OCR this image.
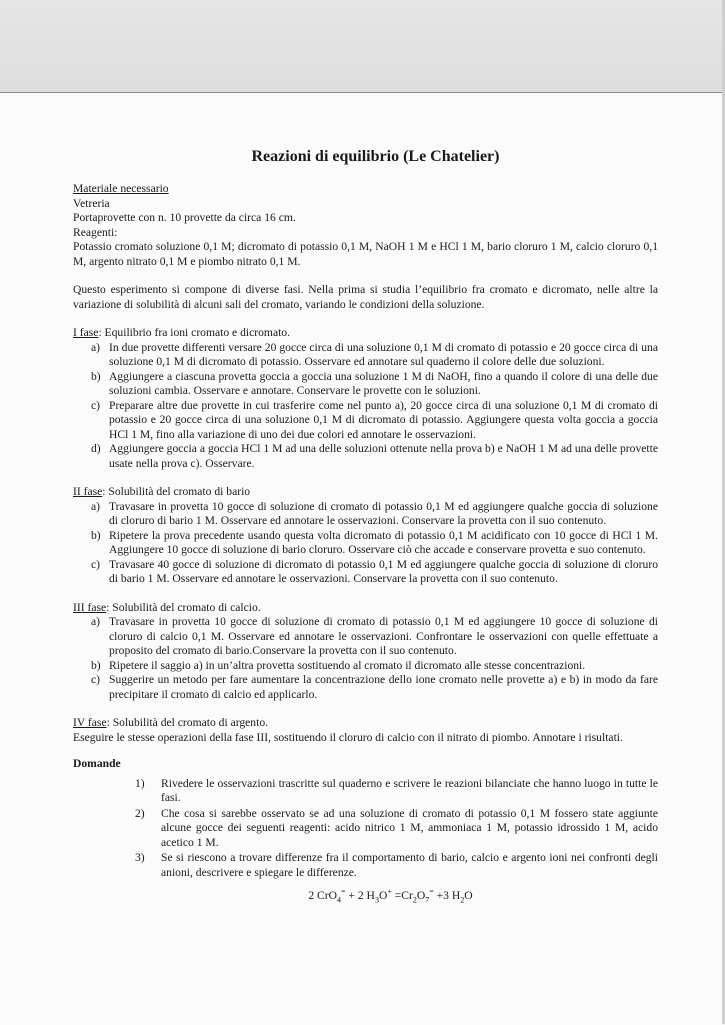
Reazioni di equilibrio (Le Chatelier)

Materiale necessario

Vetreria

Portaprovette con n. 10 provette da circa 16 cm.

Reagenti:

Potassio cromato soluzione 0,1 M; dicromato di potassio 0,1 M, NaOH 1 M e HCl 1 M, bario cloruro 1 M, calcio cloruro 0,1 M, argento nitrato 0,1 M e piombo nitrato 0,1 M.

Questo esperimento si compone di diverse fasi. Nella prima si studia l’equilibrio fra cromato e dicromato, nelle altre la variazione di solubilità di alcuni sali del cromato, variando le condizioni della soluzione.

I fase: Equilibrio fra ioni cromato e dicromato.

a) In due provette differenti versare 20 gocce circa di una soluzione 0,1 M di cromato di potassio e 20 gocce circa di una soluzione 0,1 M di dicromato di potassio. Osservare ed annotare sul quaderno il colore delle due soluzioni.
b) Aggiungere a ciascuna provetta goccia a goccia una soluzione 1 M di NaOH, fino a quando il colore di una delle due soluzioni cambia. Osservare e annotare. Conservare le provette con le soluzioni.
c) Preparare altre due provette in cui trasferire come nel punto a), 20 gocce circa di una soluzione 0,1 M di cromato di potassio e 20 gocce circa di una soluzione 0,1 M di dicromato di potassio. Aggiungere questa volta goccia a goccia HCl 1 M, fino alla variazione di uno dei due colori ed annotare le osservazioni.
d) Aggiungere goccia a goccia HCl 1 M ad una delle soluzioni ottenute nella prova b) e NaOH 1 M ad una delle provette usate nella prova c). Osservare.

II fase: Solubilità del cromato di bario

a) Travasare in provetta 10 gocce di soluzione di cromato di potassio 0,1 M ed aggiungere qualche goccia di soluzione di cloruro di bario 1 M. Osservare ed annotare le osservazioni. Conservare la provetta con il suo contenuto.
b) Ripetere la prova precedente usando questa volta dicromato di potassio 0,1 M acidificato con 10 gocce di HCl 1 M. Aggiungere 10 gocce di soluzione di bario cloruro. Osservare ciò che accade e conservare provetta e suo contenuto.
c) Travasare 40 gocce di soluzione di dicromato di potassio 0,1 M ed aggiungere qualche goccia di soluzione di cloruro di bario 1 M. Osservare ed annotare le osservazioni. Conservare la provetta con il suo contenuto.

III fase: Solubilità del cromato di calcio.

a) Travasare in provetta 10 gocce di soluzione di cromato di potassio 0,1 M ed aggiungere 10 gocce di soluzione di cloruro di calcio 0,1 M. Osservare ed annotare le osservazioni. Confrontare le osservazioni con quelle effettuate a proposito del cromato di bario.Conservare la provetta con il suo contenuto.
b) Ripetere il saggio a) in un’altra provetta sostituendo al cromato il dicromato alle stesse concentrazioni.
c) Suggerire un metodo per fare aumentare la concentrazione dello ione cromato nelle provette a) e b) in modo da fare precipitare il cromato di calcio ed applicarlo.

IV fase: Solubilità del cromato di argento.

Eseguire le stesse operazioni della fase III, sostituendo il cloruro di calcio con il nitrato di piombo. Annotare i risultati.

Domande

1) Rivedere le osservazioni trascritte sul quaderno e scrivere le reazioni bilanciate che hanno luogo in tutte le fasi.
2) Che cosa si sarebbe osservato se ad una soluzione di cromato di potassio 0,1 M fossero state aggiunte alcune gocce dei seguenti reagenti: acido nitrico 1 M, ammoniaca 1 M, potassio idrossido 1 M, acido acetico 1 M.
3) Se si riescono a trovare differenze fra il comportamento di bario, calcio e argento ioni nei confronti degli anioni, descrivere e spiegare le differenze.

2 CrO$_4$= + 2 $H_3O^+ =Cr_2O_7^= +3$ $H_2O$
